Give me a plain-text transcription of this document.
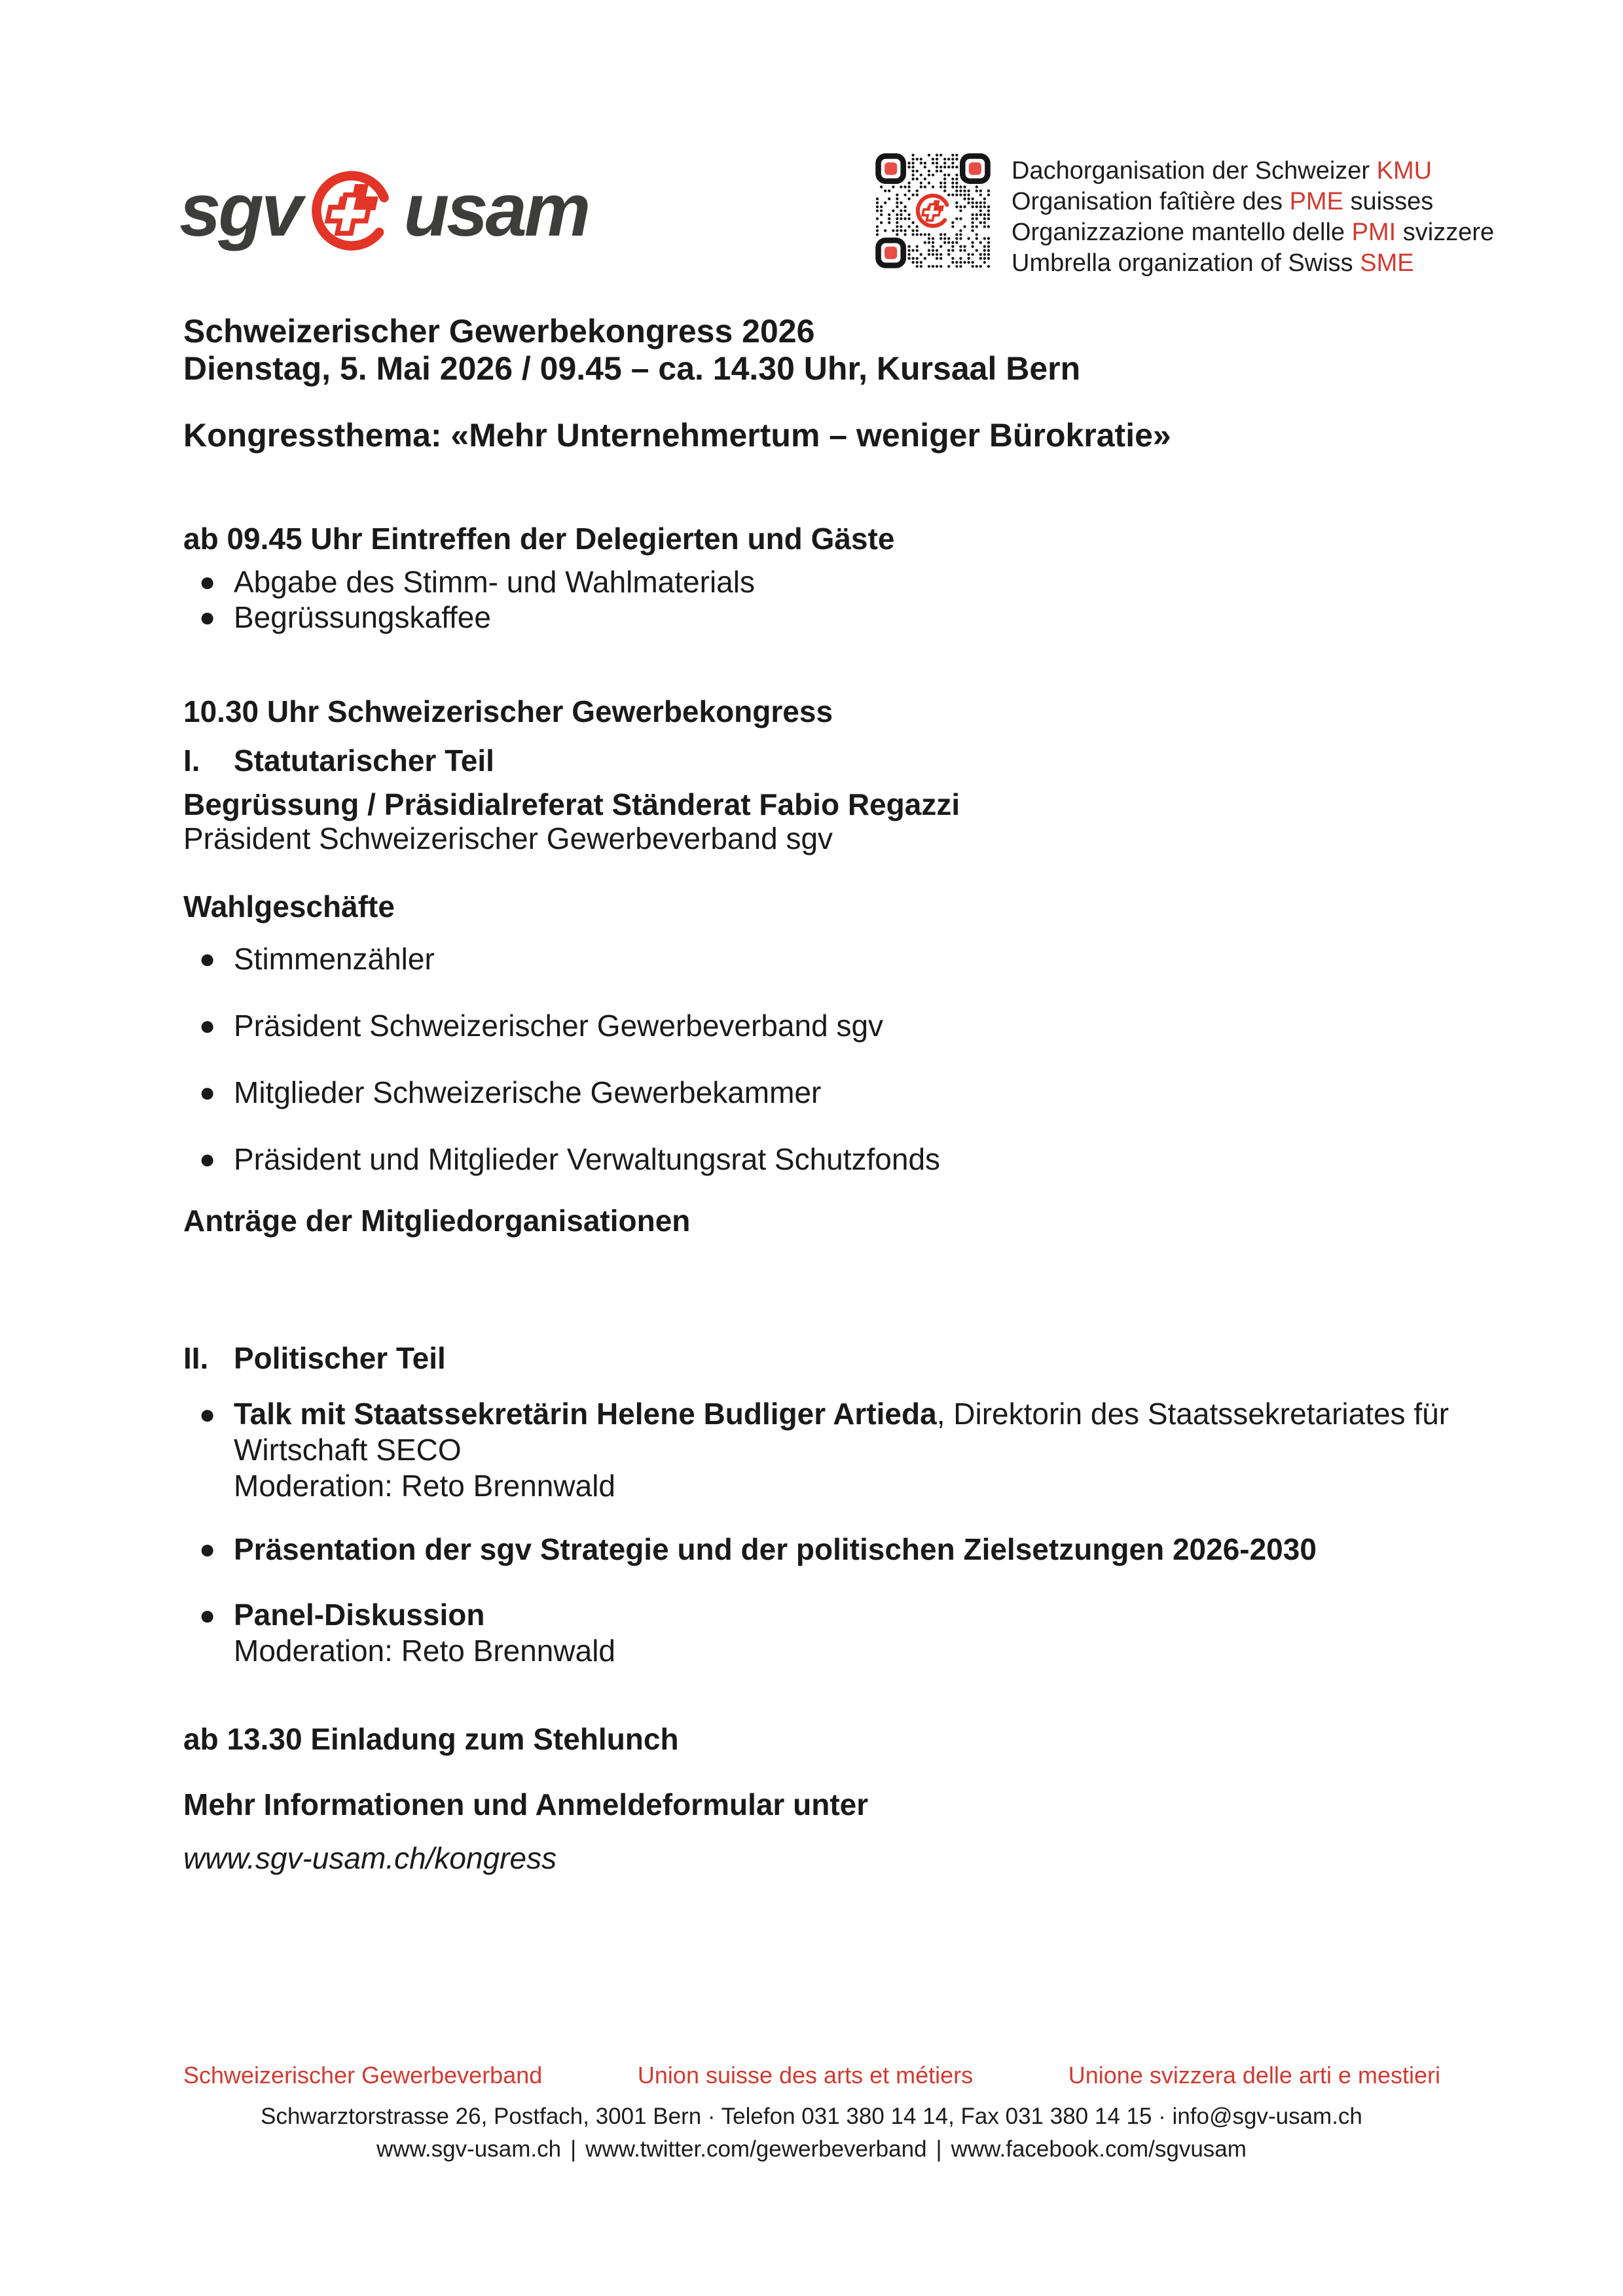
sgv usam	Dachorganisation der Schweizer KMU
Organisation faîtière des PME suisses
Organizzazione mantello delle PMI svizzere
Umbrella organization of Swiss SME
Schweizerischer Gewerbekongress 2026
Dienstag, 5. Mai 2026 / 09.45 – ca. 14.30 Uhr, Kursaal Bern
Kongressthema: «Mehr Unternehmertum – weniger Bürokratie»
ab 09.45 Uhr Eintreffen der Delegierten und Gäste
● Abgabe des Stimm- und Wahlmaterials
● Begrüssungskaffee
10.30 Uhr Schweizerischer Gewerbekongress
I. Statutarischer Teil
Begrüssung / Präsidialreferat Ständerat Fabio Regazzi
Präsident Schweizerischer Gewerbeverband sgv
Wahlgeschäfte
● Stimmenzähler
● Präsident Schweizerischer Gewerbeverband sgv
● Mitglieder Schweizerische Gewerbekammer
● Präsident und Mitglieder Verwaltungsrat Schutzfonds
Anträge der Mitgliedorganisationen
II. Politischer Teil
● Talk mit Staatssekretärin Helene Budliger Artieda, Direktorin des Staatssekretariates für
Wirtschaft SECO
Moderation: Reto Brennwald
● Präsentation der sgv Strategie und der politischen Zielsetzungen 2026-2030
● Panel-Diskussion
Moderation: Reto Brennwald
ab 13.30 Einladung zum Stehlunch
Mehr Informationen und Anmeldeformular unter
www.sgv-usam.ch/kongress
Schweizerischer Gewerbeverband	Union suisse des arts et métiers	Unione svizzera delle arti e mestieri
Schwarztorstrasse 26, Postfach, 3001 Bern · Telefon 031 380 14 14, Fax 031 380 14 15 · info@sgv-usam.ch
www.sgv-usam.ch | www.twitter.com/gewerbeverband | www.facebook.com/sgvusam
